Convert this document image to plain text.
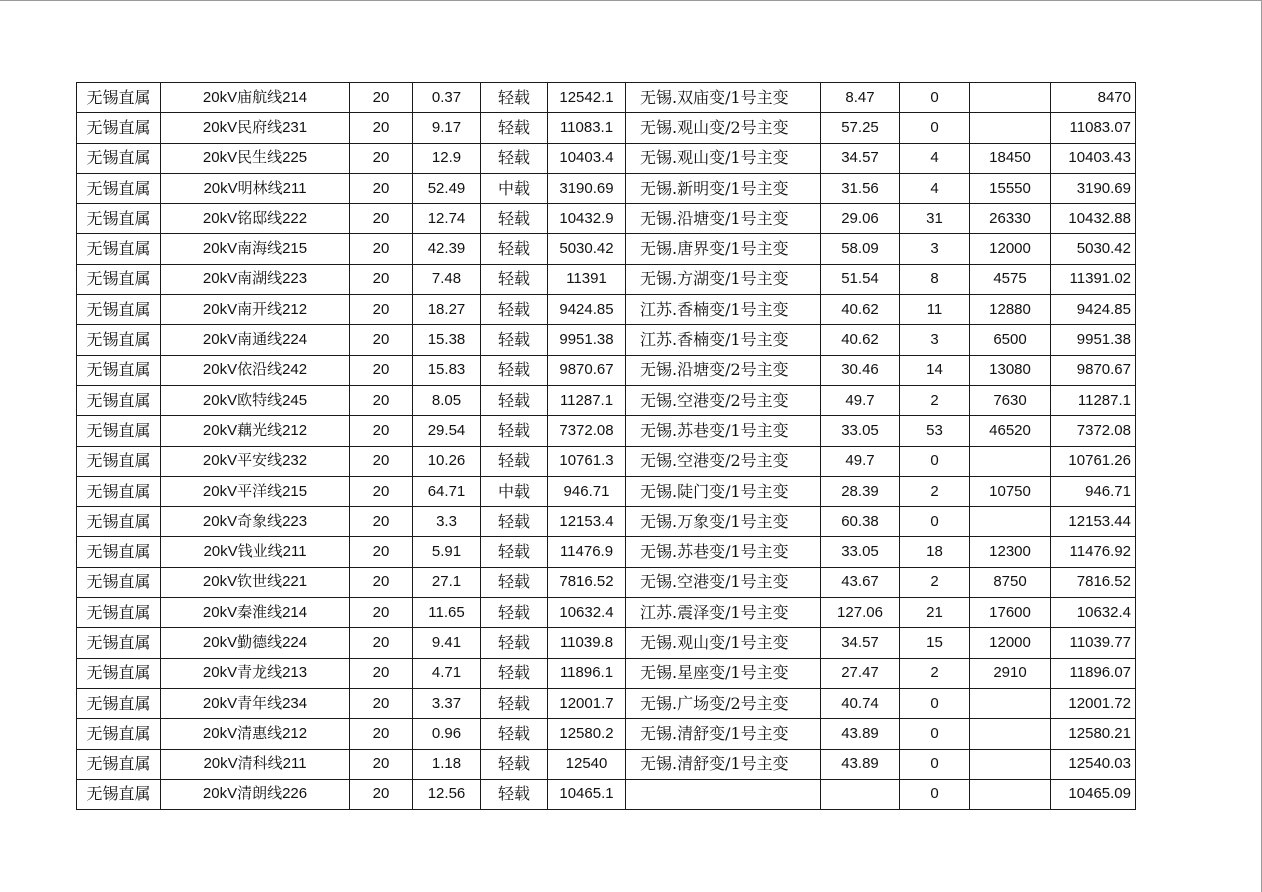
无锡直属	20kV庙航线214	20	0.37	轻载	12542.1	无锡.双庙变/1号主变	8.47	0		8470
无锡直属	20kV民府线231	20	9.17	轻载	11083.1	无锡.观山变/2号主变	57.25	0		11083.07
无锡直属	20kV民生线225	20	12.9	轻载	10403.4	无锡.观山变/1号主变	34.57	4	18450	10403.43
无锡直属	20kV明林线211	20	52.49	中载	3190.69	无锡.新明变/1号主变	31.56	4	15550	3190.69
无锡直属	20kV铭邸线222	20	12.74	轻载	10432.9	无锡.沿塘变/1号主变	29.06	31	26330	10432.88
无锡直属	20kV南海线215	20	42.39	轻载	5030.42	无锡.唐界变/1号主变	58.09	3	12000	5030.42
无锡直属	20kV南湖线223	20	7.48	轻载	11391	无锡.方湖变/1号主变	51.54	8	4575	11391.02
无锡直属	20kV南开线212	20	18.27	轻载	9424.85	江苏.香楠变/1号主变	40.62	11	12880	9424.85
无锡直属	20kV南通线224	20	15.38	轻载	9951.38	江苏.香楠变/1号主变	40.62	3	6500	9951.38
无锡直属	20kV依沿线242	20	15.83	轻载	9870.67	无锡.沿塘变/2号主变	30.46	14	13080	9870.67
无锡直属	20kV欧特线245	20	8.05	轻载	11287.1	无锡.空港变/2号主变	49.7	2	7630	11287.1
无锡直属	20kV藕光线212	20	29.54	轻载	7372.08	无锡.苏巷变/1号主变	33.05	53	46520	7372.08
无锡直属	20kV平安线232	20	10.26	轻载	10761.3	无锡.空港变/2号主变	49.7	0		10761.26
无锡直属	20kV平洋线215	20	64.71	中载	946.71	无锡.陡门变/1号主变	28.39	2	10750	946.71
无锡直属	20kV奇象线223	20	3.3	轻载	12153.4	无锡.万象变/1号主变	60.38	0		12153.44
无锡直属	20kV钱业线211	20	5.91	轻载	11476.9	无锡.苏巷变/1号主变	33.05	18	12300	11476.92
无锡直属	20kV钦世线221	20	27.1	轻载	7816.52	无锡.空港变/1号主变	43.67	2	8750	7816.52
无锡直属	20kV秦淮线214	20	11.65	轻载	10632.4	江苏.震泽变/1号主变	127.06	21	17600	10632.4
无锡直属	20kV勤德线224	20	9.41	轻载	11039.8	无锡.观山变/1号主变	34.57	15	12000	11039.77
无锡直属	20kV青龙线213	20	4.71	轻载	11896.1	无锡.星座变/1号主变	27.47	2	2910	11896.07
无锡直属	20kV青年线234	20	3.37	轻载	12001.7	无锡.广场变/2号主变	40.74	0		12001.72
无锡直属	20kV清惠线212	20	0.96	轻载	12580.2	无锡.清舒变/1号主变	43.89	0		12580.21
无锡直属	20kV清科线211	20	1.18	轻载	12540	无锡.清舒变/1号主变	43.89	0		12540.03
无锡直属	20kV清朗线226	20	12.56	轻载	10465.1			0		10465.09
